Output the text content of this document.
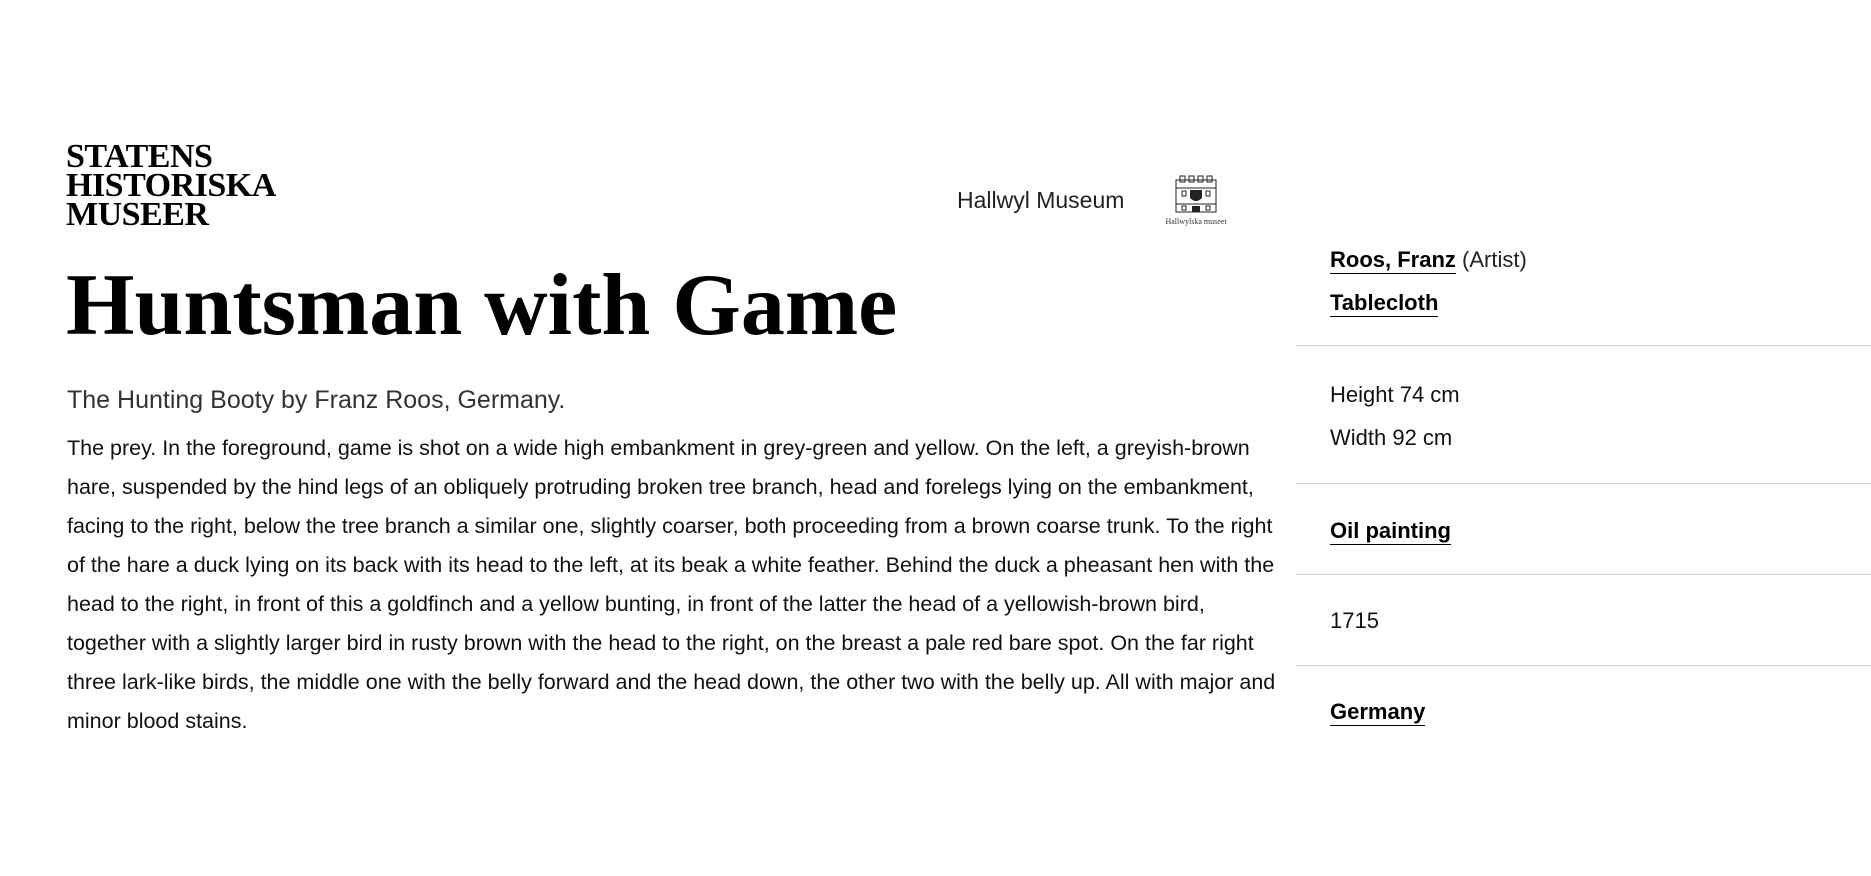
STATENS
HISTORISKA
MUSEER	Hallwyl Museum
Hallwylska museet
Huntsman with Game
The Hunting Booty by Franz Roos, Germany.

The prey. In the foreground, game is shot on a wide high embankment in grey-green and yellow. On the left, a greyish-brown hare, suspended by the hind legs of an obliquely protruding broken tree branch, head and forelegs lying on the embankment, facing to the right, below the tree branch a similar one, slightly coarser, both proceeding from a brown coarse trunk. To the right of the hare a duck lying on its back with its head to the left, at its beak a white feather. Behind the duck a pheasant hen with the head to the right, in front of this a goldfinch and a yellow bunting, in front of the latter the head of a yellowish-brown bird, together with a slightly larger bird in rusty brown with the head to the right, on the breast a pale red bare spot. On the far right three lark-like birds, the middle one with the belly forward and the head down, the other two with the belly up. All with major and minor blood stains.

Roos, Franz (Artist)
Tablecloth
Height 74 cm
Width 92 cm
Oil painting
1715
Germany
